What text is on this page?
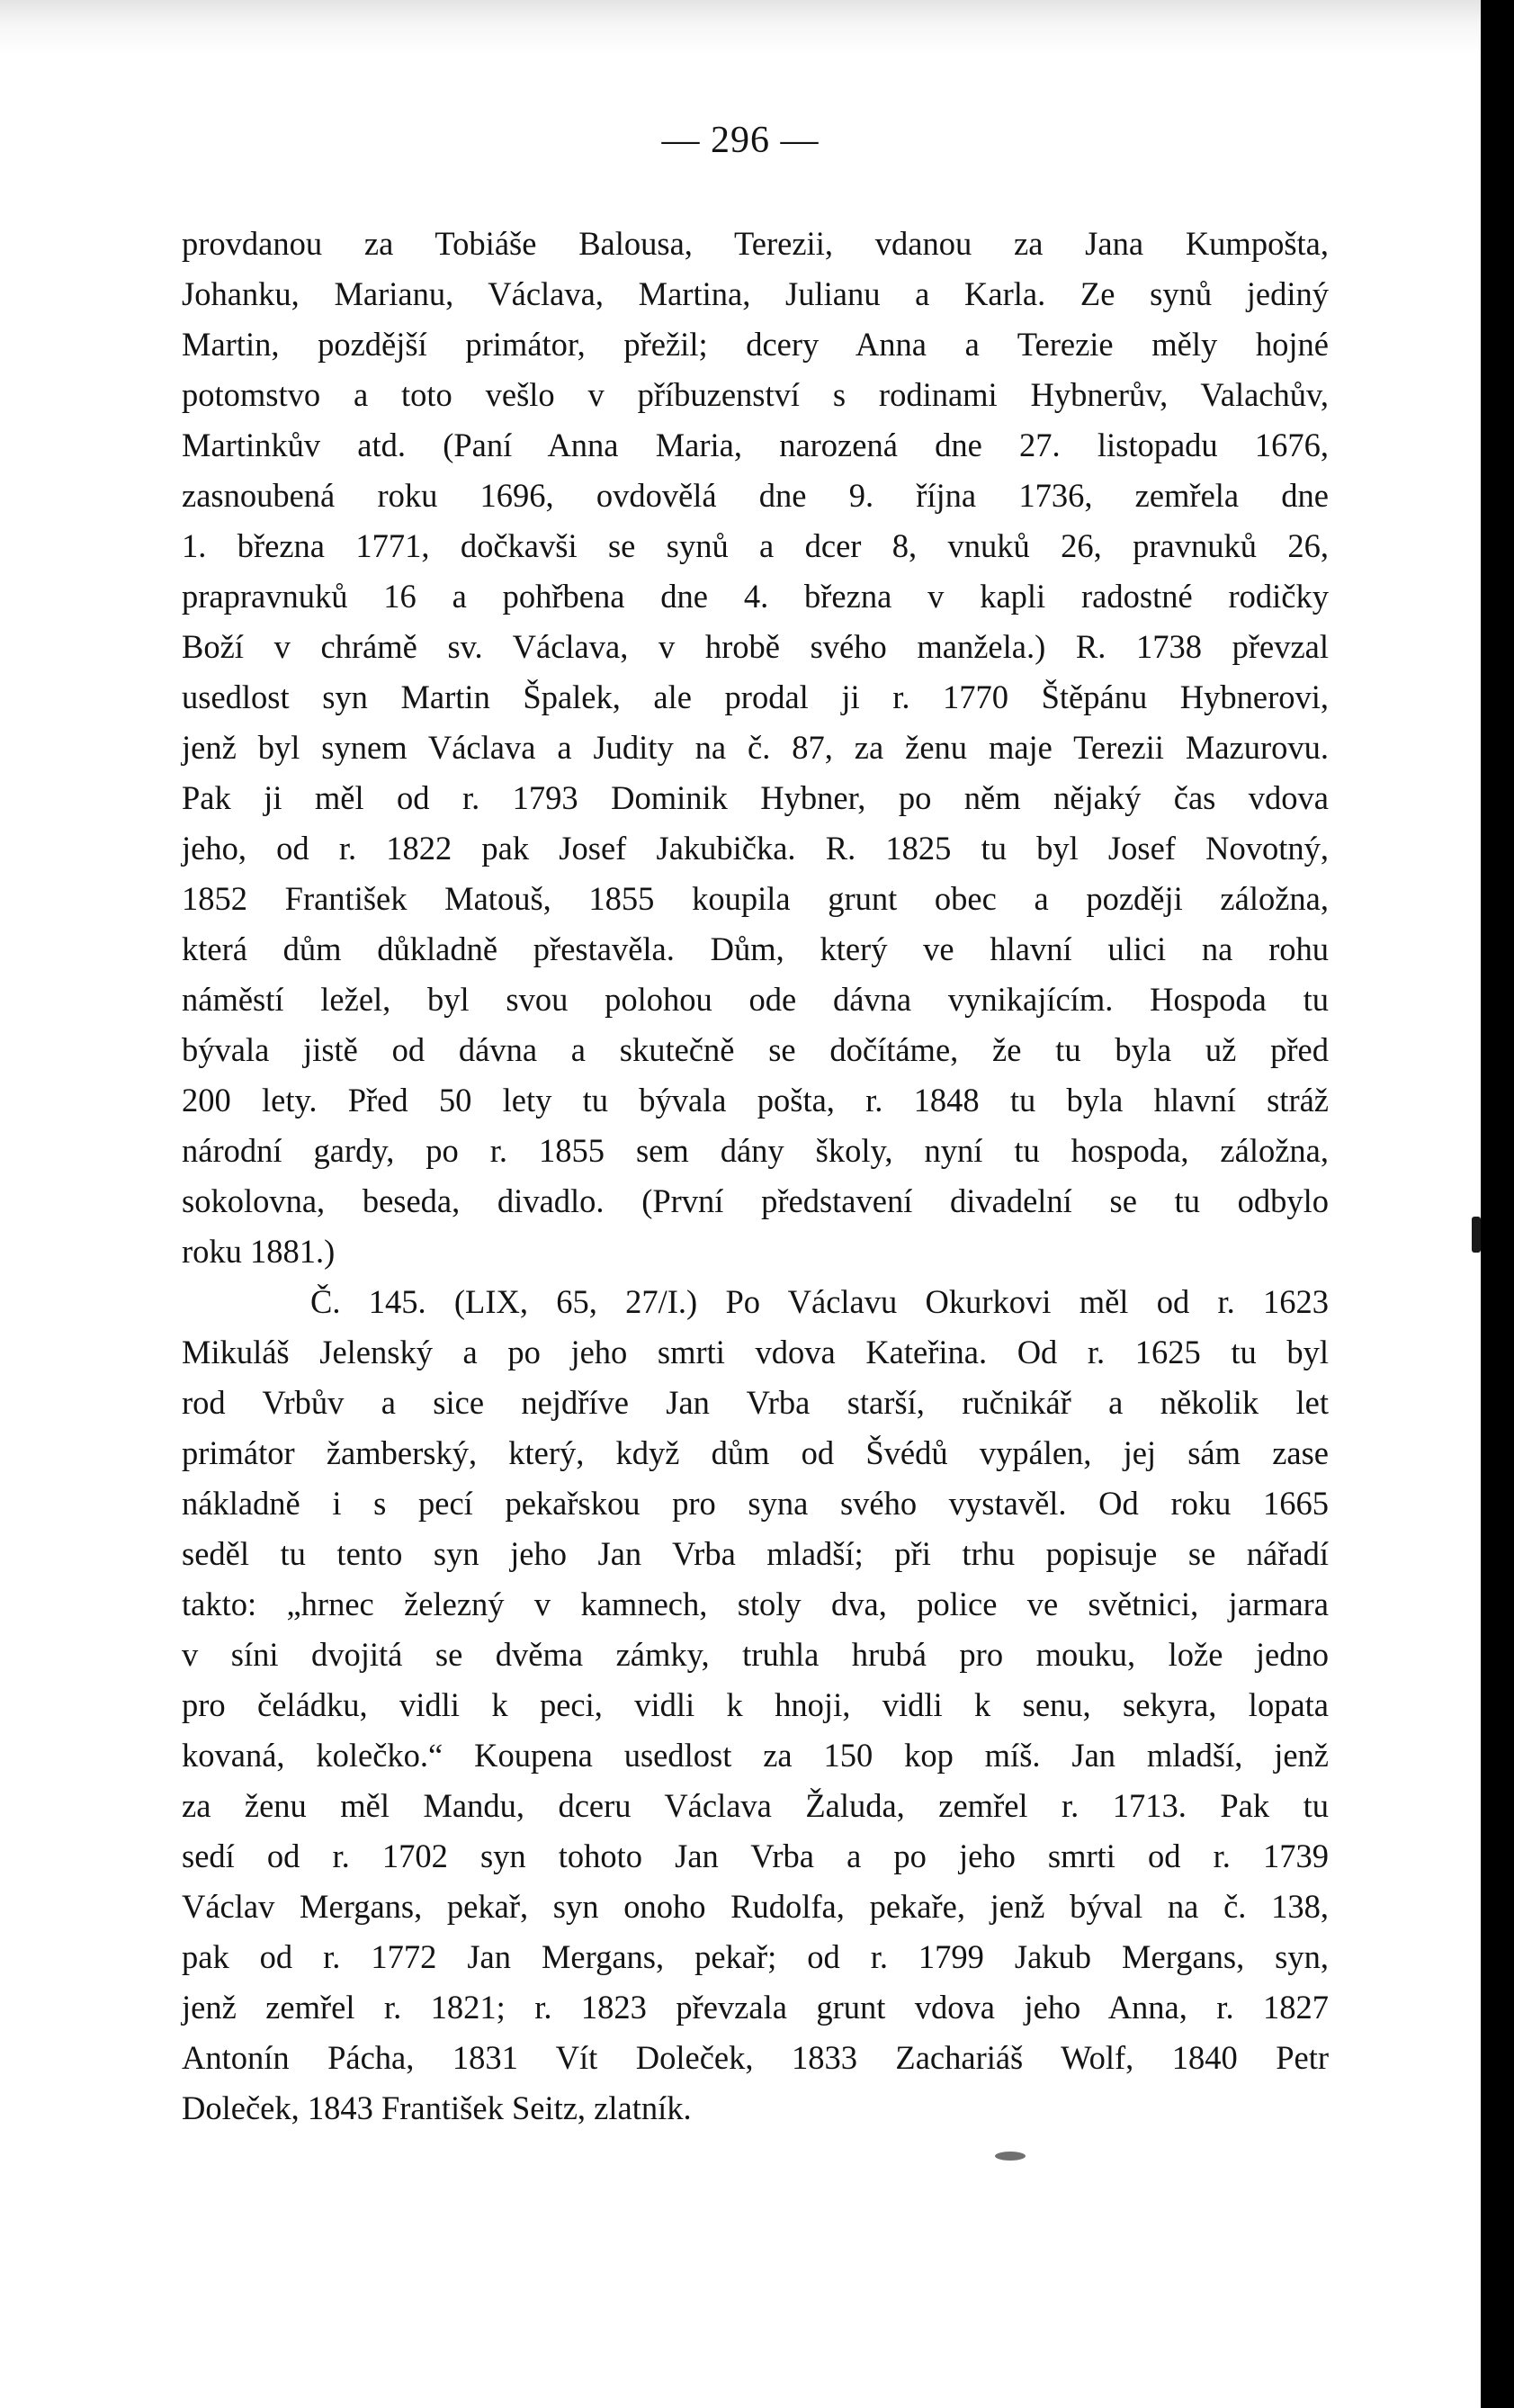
— 296 —
provdanou za Tobiáše Balousa, Terezii, vdanou za Jana Kumpošta,
Johanku, Marianu, Václava, Martina, Julianu a Karla. Ze synů jediný
Martin, pozdější primátor, přežil; dcery Anna a Terezie měly hojné
potomstvo a toto vešlo v příbuzenství s rodinami Hybnerův, Valachův,
Martinkův atd. (Paní Anna Maria, narozená dne 27. listopadu 1676,
zasnoubená roku 1696, ovdovělá dne 9. října 1736, zemřela dne
1. března 1771, dočkavši se synů a dcer 8, vnuků 26, pravnuků 26,
prapravnuků 16 a pohřbena dne 4. března v kapli radostné rodičky
Boží v chrámě sv. Václava, v hrobě svého manžela.) R. 1738 převzal
usedlost syn Martin Špalek, ale prodal ji r. 1770 Štěpánu Hybnerovi,
jenž byl synem Václava a Judity na č. 87, za ženu maje Terezii Mazurovu.
Pak ji měl od r. 1793 Dominik Hybner, po něm nějaký čas vdova
jeho, od r. 1822 pak Josef Jakubička. R. 1825 tu byl Josef Novotný,
1852 František Matouš, 1855 koupila grunt obec a později záložna,
která dům důkladně přestavěla. Dům, který ve hlavní ulici na rohu
náměstí ležel, byl svou polohou ode dávna vynikajícím. Hospoda tu
bývala jistě od dávna a skutečně se dočítáme, že tu byla už před
200 lety. Před 50 lety tu bývala pošta, r. 1848 tu byla hlavní stráž
národní gardy, po r. 1855 sem dány školy, nyní tu hospoda, záložna,
sokolovna, beseda, divadlo. (První představení divadelní se tu odbylo
roku 1881.)
Č. 145. (LIX, 65, 27/I.) Po Václavu Okurkovi měl od r. 1623
Mikuláš Jelenský a po jeho smrti vdova Kateřina. Od r. 1625 tu byl
rod Vrbův a sice nejdříve Jan Vrba starší, ručnikář a několik let
primátor žamberský, který, když dům od Švédů vypálen, jej sám zase
nákladně i s pecí pekařskou pro syna svého vystavěl. Od roku 1665
seděl tu tento syn jeho Jan Vrba mladší; při trhu popisuje se nářadí
takto: „hrnec železný v kamnech, stoly dva, police ve světnici, jarmara
v síni dvojitá se dvěma zámky, truhla hrubá pro mouku, lože jedno
pro čeládku, vidli k peci, vidli k hnoji, vidli k senu, sekyra, lopata
kovaná, kolečko.“ Koupena usedlost za 150 kop míš. Jan mladší, jenž
za ženu měl Mandu, dceru Václava Žaluda, zemřel r. 1713. Pak tu
sedí od r. 1702 syn tohoto Jan Vrba a po jeho smrti od r. 1739
Václav Mergans, pekař, syn onoho Rudolfa, pekaře, jenž býval na č. 138,
pak od r. 1772 Jan Mergans, pekař; od r. 1799 Jakub Mergans, syn,
jenž zemřel r. 1821; r. 1823 převzala grunt vdova jeho Anna, r. 1827
Antonín Pácha, 1831 Vít Doleček, 1833 Zachariáš Wolf, 1840 Petr
Doleček, 1843 František Seitz, zlatník.
